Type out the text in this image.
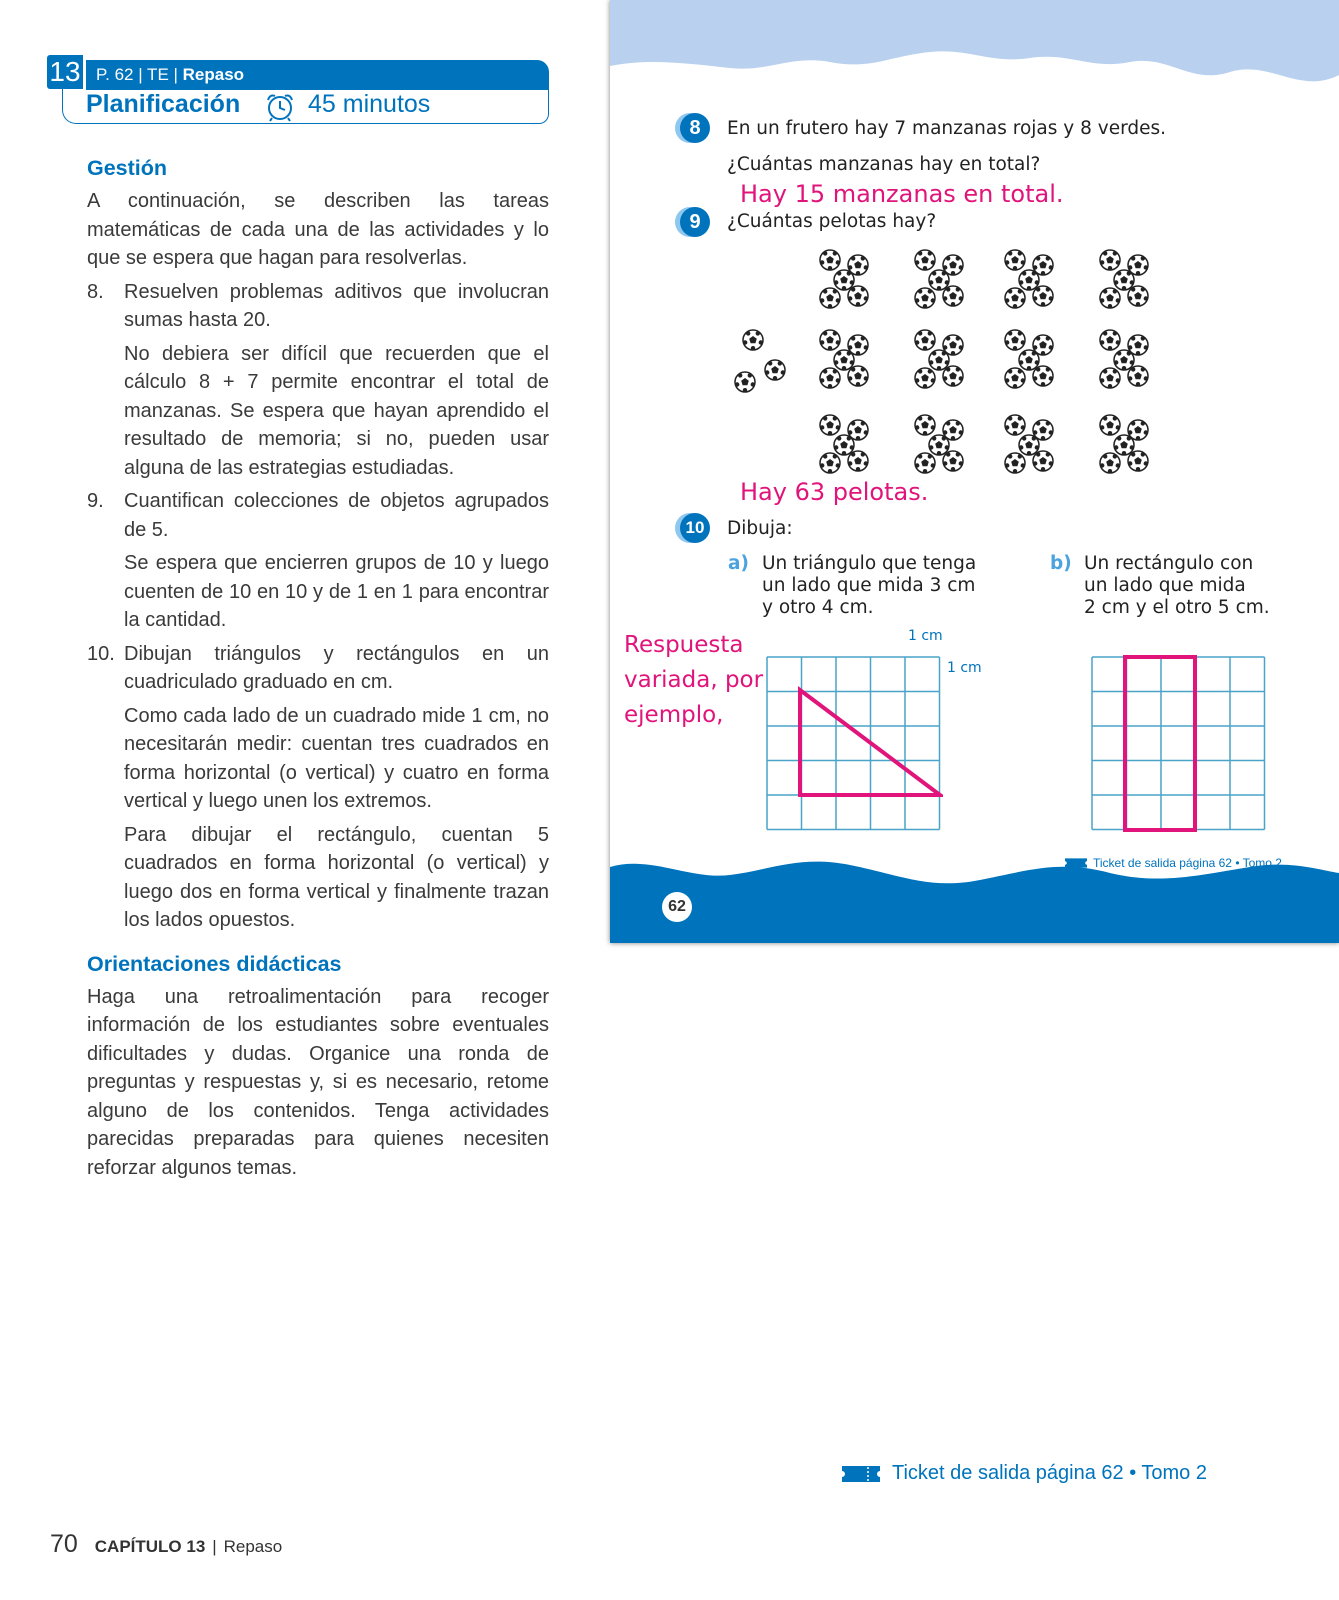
13 P. 62 | TE | Repaso
Planificación	45 minutos
Gestión

A continuación, se describen las tareas matemáticas de cada una de las actividades y lo que se espera que hagan para resolverlas.

8. Resuelven problemas aditivos que involucran sumas hasta 20.

No debiera ser difícil que recuerden que el cálculo 8 + 7 permite encontrar el total de manzanas. Se espera que hayan aprendido el resultado de memoria; si no, pueden usar alguna de las estrategias estudiadas.

9. Cuantifican colecciones de objetos agrupados de 5.

Se espera que encierren grupos de 10 y luego cuenten de 10 en 10 y de 1 en 1 para encontrar la cantidad.

10. Dibujan triángulos y rectángulos en un cuadriculado graduado en cm.

Como cada lado de un cuadrado mide 1 cm, no necesitarán medir: cuentan tres cuadrados en forma horizontal (o vertical) y cuatro en forma vertical y luego unen los extremos.

Para dibujar el rectángulo, cuentan 5 cuadrados en forma horizontal (o vertical) y luego dos en forma vertical y finalmente trazan los lados opuestos.

Orientaciones didácticas

Haga una retroalimentación para recoger información de los estudiantes sobre eventuales dificultades y dudas. Organice una ronda de preguntas y respuestas y, si es necesario, retome alguno de los contenidos. Tenga actividades parecidas preparadas para quienes necesiten reforzar algunos temas.

70 CAPÍTULO 13 | Repaso
Ticket de salida página 62 • Tomo 2
8	En un frutero hay 7 manzanas rojas y 8 verdes.
¿Cuántas manzanas hay en total?
Hay 15 manzanas en total.
9	¿Cuántas pelotas hay?
Hay 63 pelotas.
10 Dibuja:
a) Un triángulo que tenga
un lado que mida 3 cm
y otro 4 cm.
b) Un rectángulo con
un lado que mida
2 cm y el otro 5 cm.
Respuesta
variada, por
ejemplo,
1 cm
1 cm
62
Ticket de salida página 62 • Tomo 2
